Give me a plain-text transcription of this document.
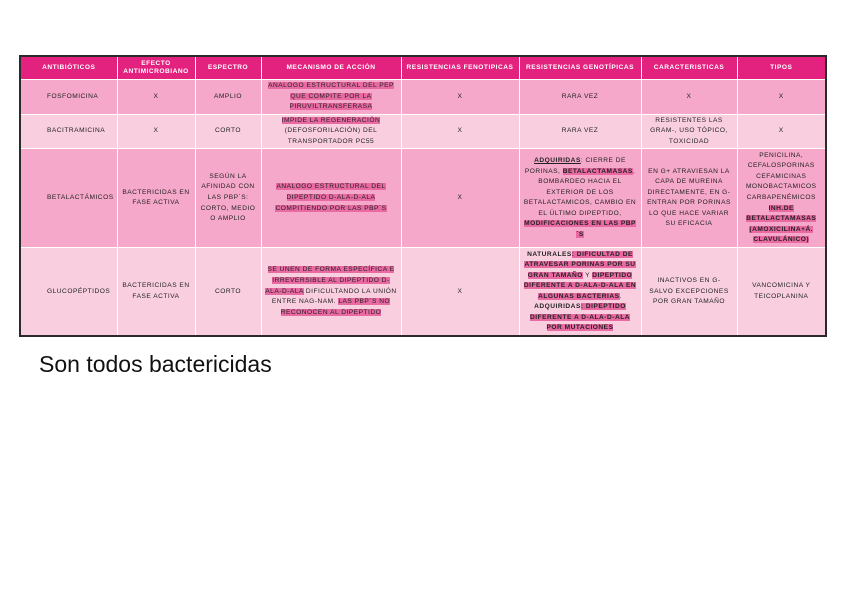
ANTIBIÓTICOS	EFECTO ANTIMICROBIANO	ESPECTRO	MECANISMO DE ACCIÓN	RESISTENCIAS FENOTIPICAS	RESISTENCIAS GENOTÍPICAS	CARACTERISTICAS	TIPOS
FOSFOMICINA	X	AMPLIO	ANALOGO ESTRUCTURAL DEL PEP QUE COMPITE POR LA PIRUVILTRANSFERASA	X	RARA VEZ	X	X
BACITRAMICINA	X	CORTO	IMPIDE LA REGENERACIÓN (DEFOSFORILACIÓN) DEL TRANSPORTADOR PC55	X	RARA VEZ	RESISTENTES LAS GRAM-, USO TÓPICO, TOXICIDAD	X
BETALACTÁMICOS	BACTERICIDAS EN FASE ACTIVA	SEGÚN LA AFINIDAD CON LAS PBP´S: CORTO, MEDIO O AMPLIO	ANALOGO ESTRUCTURAL DEL DIPEPTIDO D-ALA-D-ALA COMPITIENDO POR LAS PBP´S	X	ADQUIRIDAS: CIERRE DE PORINAS, BETALACTAMASAS, BOMBARDEO HACIA EL EXTERIOR DE LOS BETALACTAMICOS, CAMBIO EN EL ÚLTIMO DIPEPTIDO, MODIFICACIONES EN LAS PBP´S	EN G+ ATRAVIESAN LA CAPA DE MUREINA DIRECTAMENTE, EN G- ENTRAN POR PORINAS LO QUE HACE VARIAR SU EFICACIA	PENICILINA, CEFALOSPORINAS CEFAMICINAS MONOBACTAMICOS CARBAPENÉMICOS INH.DE BETALACTAMASAS (AMOXICILINA+Á. CLAVULÁNICO)
GLUCOPÉPTIDOS	BACTERICIDAS EN FASE ACTIVA	CORTO	SE UNEN DE FORMA ESPECÍFICA E IRREVERSIBLE AL DIPEPTIDO D-ALA-D-ALA DIFICULTANDO LA UNIÓN ENTRE NAG-NAM. LAS PBP´S NO RECONOCEN AL DIPEPTIDO	X	NATURALES: DIFICULTAD DE ATRAVESAR PORINAS POR SU GRAN TAMAÑO Y DIPEPTIDO DIFERENTE A D-ALA-D-ALA EN ALGUNAS BACTERIAS. ADQUIRIDAS: DIPEPTIDO DIFERENTE A D-ALA-D-ALA POR MUTACIONES	INACTIVOS EN G- SALVO EXCEPCIONES POR GRAN TAMAÑO	VANCOMICINA Y TEICOPLANINA
Son todos bactericidas
